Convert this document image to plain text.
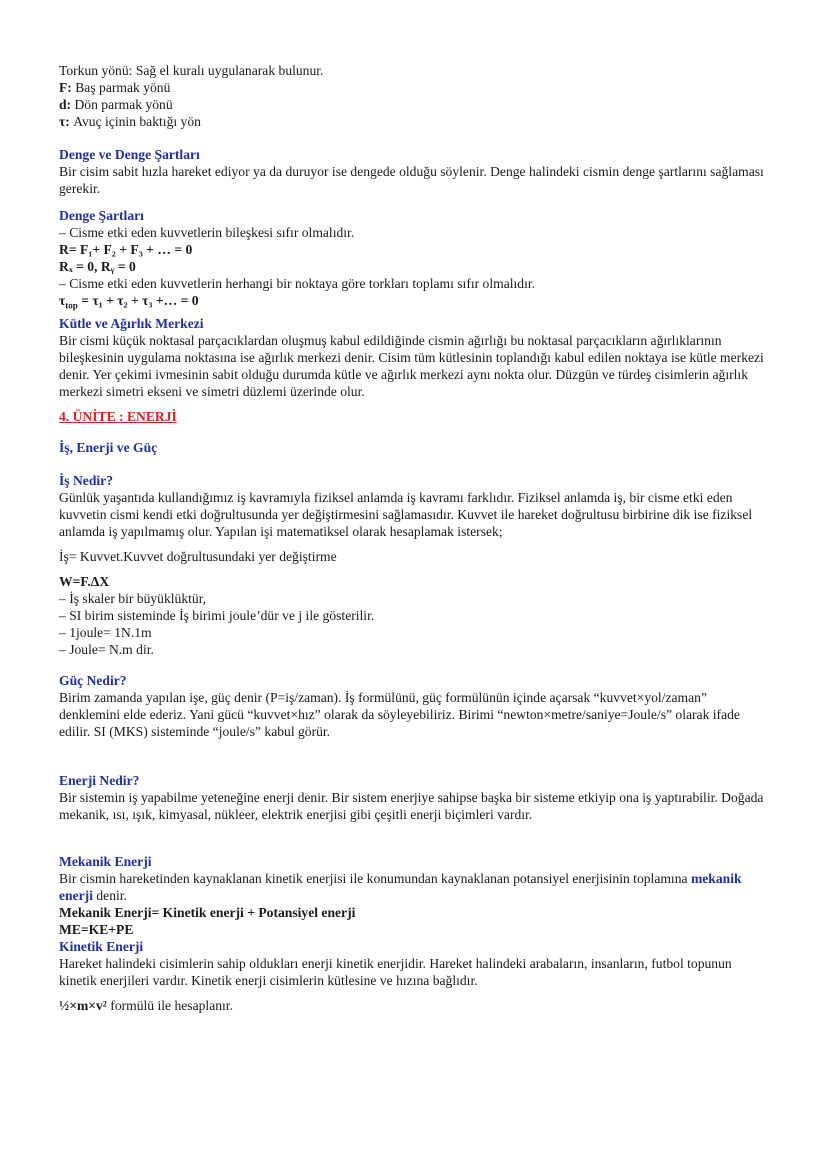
Torkun yönü: Sağ el kuralı uygulanarak bulunur.

F: Baş parmak yönü

d: Dön parmak yönü

τ: Avuç içinin baktığı yön

Denge ve Denge Şartları

Bir cisim sabit hızla hareket ediyor ya da duruyor ise dengede olduğu söylenir. Denge halindeki cismin denge şartlarını sağlaması gerekir.

Denge Şartları

– Cisme etki eden kuvvetlerin bileşkesi sıfır olmalıdır.

R= F₁+ F₂ + F₃ + … = 0

Rₓ = 0, Rᵧ = 0

– Cisme etki eden kuvvetlerin herhangi bir noktaya göre torkları toplamı sıfır olmalıdır.

$\tau_{top} = \tau_1 + \tau_2 + \tau_3$ +… = 0

Kütle ve Ağırlık Merkezi

Bir cismi küçük noktasal parçacıklardan oluşmuş kabul edildiğinde cismin ağırlığı bu noktasal parçacıkların ağırlıklarının bileşkesinin uygulama noktasına ise ağırlık merkezi denir. Cisim tüm kütlesinin toplandığı kabul edilen noktaya ise kütle merkezi denir. Yer çekimi ivmesinin sabit olduğu durumda kütle ve ağırlık merkezi aynı nokta olur. Düzgün ve türdeş cisimlerin ağırlık merkezi simetri ekseni ve simetri düzlemi üzerinde olur.

4. ÜNİTE : ENERJİ

İş, Enerji ve Güç

İş Nedir?

Günlük yaşantıda kullandığımız iş kavramıyla fiziksel anlamda iş kavramı farklıdır. Fiziksel anlamda iş, bir cisme etki eden kuvvetin cismi kendi etki doğrultusunda yer değiştirmesini sağlamasıdır. Kuvvet ile hareket doğrultusu birbirine dik ise fiziksel anlamda iş yapılmamış olur. Yapılan işi matematiksel olarak hesaplamak istersek;

İş= Kuvvet.Kuvvet doğrultusundaki yer değiştirme

W=F.ΔX

– İş skaler bir büyüklüktür,

– SI birim sisteminde İş birimi joule’dür ve j ile gösterilir.

– 1joule= 1N.1m

– Joule= N.m dir.

Güç Nedir?

Birim zamanda yapılan işe, güç denir (P=iş/zaman). İş formülünü, güç formülünün içinde açarsak “kuvvet×yol/zaman” denklemini elde ederiz. Yani gücü “kuvvet×hız” olarak da söyleyebiliriz. Birimi “newton×metre/saniye=Joule/s” olarak ifade edilir. SI (MKS) sisteminde “joule/s” kabul görür.

Enerji Nedir?

Bir sistemin iş yapabilme yeteneğine enerji denir. Bir sistem enerjiye sahipse başka bir sisteme etkiyip ona iş yaptırabilir. Doğada mekanik, ısı, ışık, kimyasal, nükleer, elektrik enerjisi gibi çeşitli enerji biçimleri vardır.

Mekanik Enerji

Bir cismin hareketinden kaynaklanan kinetik enerjisi ile konumundan kaynaklanan potansiyel enerjisinin toplamına mekanik enerji denir.

Mekanik Enerji= Kinetik enerji + Potansiyel enerji

ME=KE+PE

Kinetik Enerji

Hareket halindeki cisimlerin sahip oldukları enerji kinetik enerjidir. Hareket halindeki arabaların, insanların, futbol topunun kinetik enerjileri vardır. Kinetik enerji cisimlerin kütlesine ve hızına bağlıdır.

½×m×v² formülü ile hesaplanır.
